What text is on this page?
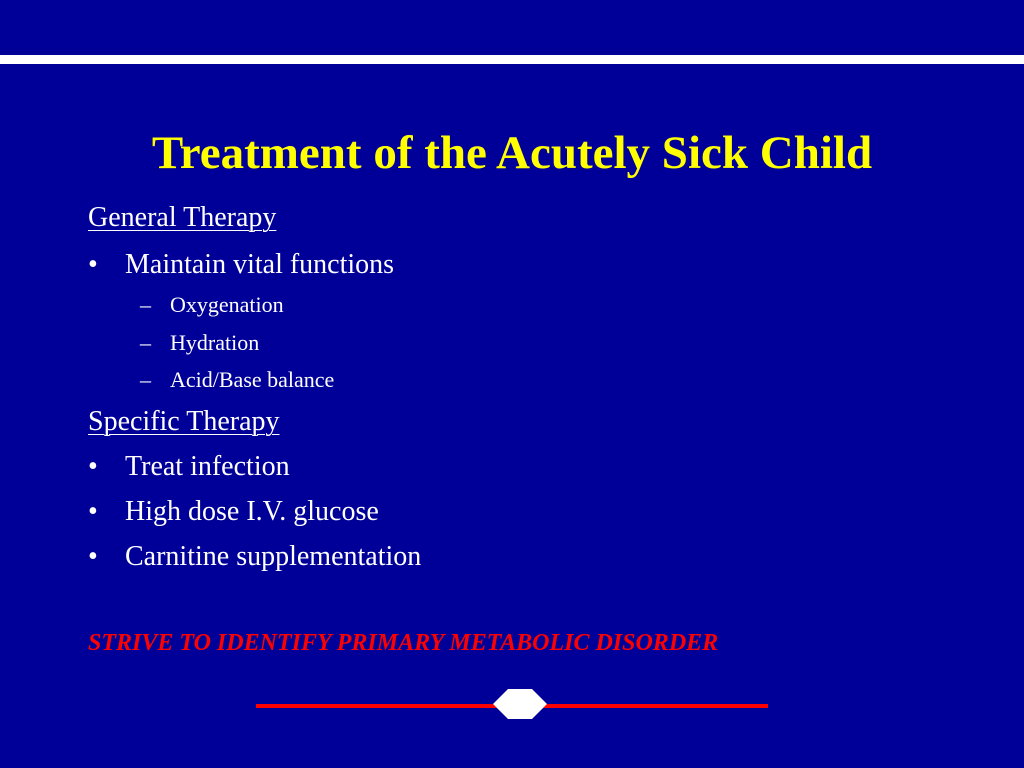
Treatment of the Acutely Sick Child
General Therapy
• Maintain vital functions
– Oxygenation
– Hydration
– Acid/Base balance
Specific Therapy
• Treat infection
• High dose I.V. glucose
• Carnitine supplementation
STRIVE TO IDENTIFY PRIMARY METABOLIC DISORDER
